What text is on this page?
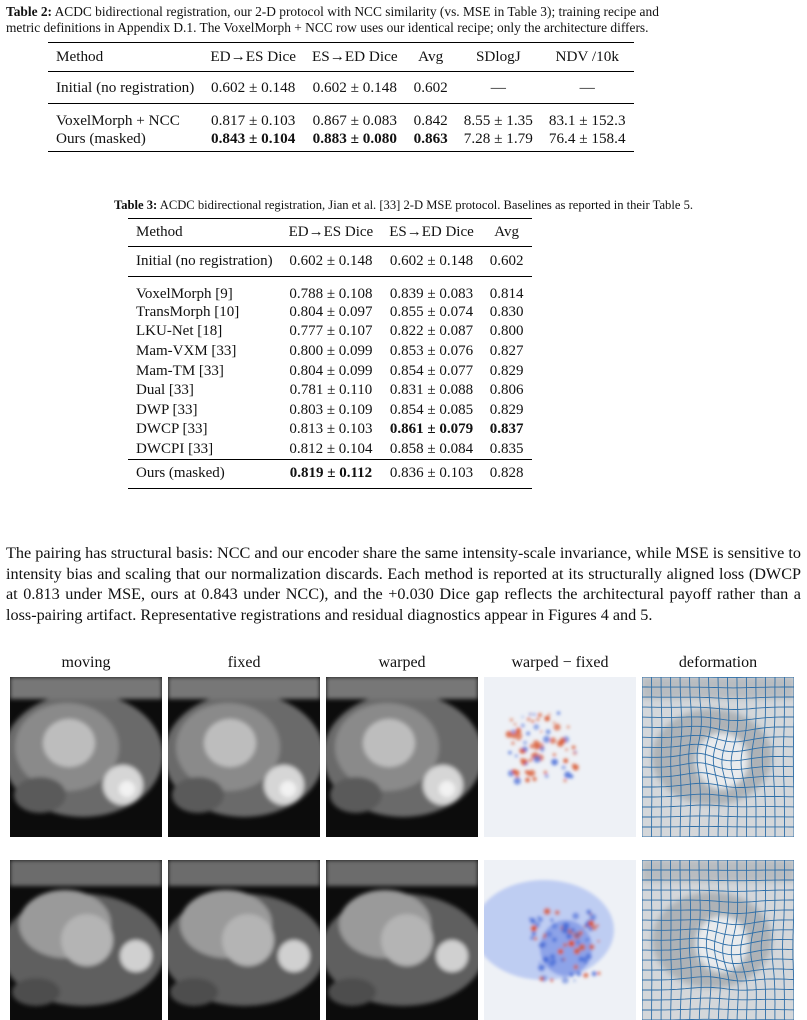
Table 2: ACDC bidirectional registration, our 2-D protocol with NCC similarity (vs. MSE in Table 3); training recipe and
metric definitions in Appendix D.1. The VoxelMorph + NCC row uses our identical recipe; only the architecture differs.
Method	ED→ES Dice	ES→ED Dice	Avg	SDlogJ	NDV /10k
Initial (no registration)	0.602 ± 0.148	0.602 ± 0.148	0.602	—	—
VoxelMorph + NCC	0.817 ± 0.103	0.867 ± 0.083	0.842	8.55 ± 1.35	83.1 ± 152.3
Ours (masked)	0.843 ± 0.104	0.883 ± 0.080	0.863	7.28 ± 1.79	76.4 ± 158.4
Table 3: ACDC bidirectional registration, Jian et al. [33] 2-D MSE protocol. Baselines as reported in their Table 5.
Method	ED→ES Dice	ES→ED Dice	Avg
Initial (no registration)	0.602 ± 0.148	0.602 ± 0.148	0.602
VoxelMorph [9]	0.788 ± 0.108	0.839 ± 0.083	0.814
TransMorph [10]	0.804 ± 0.097	0.855 ± 0.074	0.830
LKU-Net [18]	0.777 ± 0.107	0.822 ± 0.087	0.800
Mam-VXM [33]	0.800 ± 0.099	0.853 ± 0.076	0.827
Mam-TM [33]	0.804 ± 0.099	0.854 ± 0.077	0.829
Dual [33]	0.781 ± 0.110	0.831 ± 0.088	0.806
DWP [33]	0.803 ± 0.109	0.854 ± 0.085	0.829
DWCP [33]	0.813 ± 0.103	0.861 ± 0.079	0.837
DWCPI [33]	0.812 ± 0.104	0.858 ± 0.084	0.835
Ours (masked)	0.819 ± 0.112	0.836 ± 0.103	0.828
The pairing has structural basis: NCC and our encoder share the same intensity-scale invariance, while MSE is sensitive to intensity bias and scaling that our normalization discards. Each method is reported at its structurally aligned loss (DWCP at 0.813 under MSE, ours at 0.843 under NCC), and the +0.030 Dice gap reflects the architectural payoff rather than a loss-pairing artifact. Representative registrations and residual diagnostics appear in Figures 4 and 5.
moving	fixed	warped	warped − fixed	deformation
